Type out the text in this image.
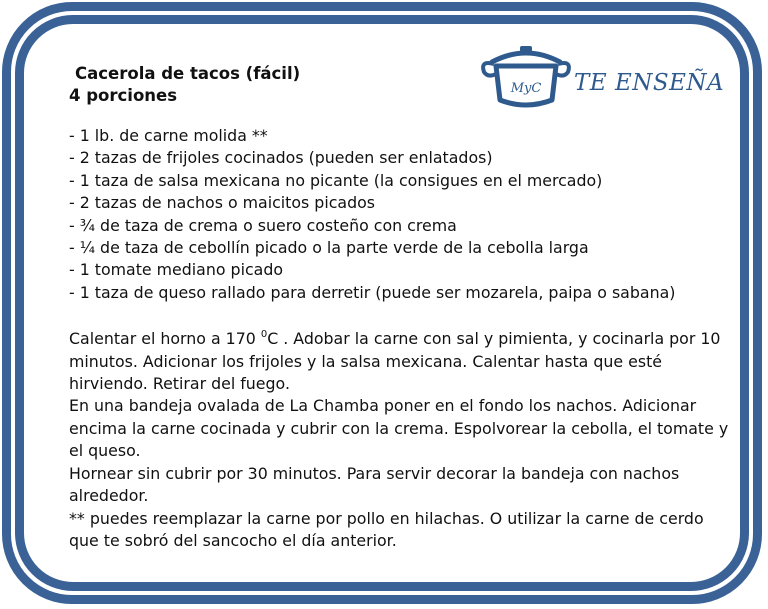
MyC TE ENSEÑA
Cacerola de tacos (fácil)
4 porciones
- 1 lb. de carne molida **
- 2 tazas de frijoles cocinados (pueden ser enlatados)
- 1 taza de salsa mexicana no picante (la consigues en el mercado)
- 2 tazas de nachos o maicitos picados
- ¾ de taza de crema o suero costeño con crema
- ¼ de taza de cebollín picado o la parte verde de la cebolla larga
- 1 tomate mediano picado
- 1 taza de queso rallado para derretir (puede ser mozarela, paipa o sabana)

Calentar el horno a 170 $^0$C . Adobar la carne con sal y pimienta, y cocinarla por 10 minutos. Adicionar los frijoles y la salsa mexicana. Calentar hasta que esté hirviendo. Retirar del fuego.

En una bandeja ovalada de La Chamba poner en el fondo los nachos. Adicionar encima la carne cocinada y cubrir con la crema. Espolvorear la cebolla, el tomate y el queso.

Hornear sin cubrir por 30 minutos. Para servir decorar la bandeja con nachos alrededor.

** puedes reemplazar la carne por pollo en hilachas. O utilizar la carne de cerdo que te sobró del sancocho el día anterior.
